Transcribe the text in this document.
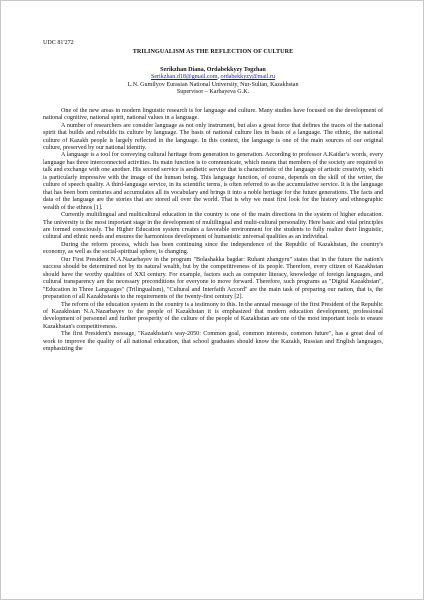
UDC 81'272

TRILINGUALISM AS THE REFLECTION OF CULTURE

Serikzhan Diana, Ordabekkyzy Togzhan

Serikzhan.d18@gmail.com, ordabekkyzy@mail.ru

L.N. Gumilyov Eurasian National University, Nur-Sultan, Kazakhstan

Supervisor – Karbayeva G.K.

One of the new areas in modern linguistic research is for language and culture. Many studies have focused on the development of national cognitive, national spirit, national values in a language.

A number of researchers are consider language as not only instrument, but also a great force that defines the traces of the national spirit that builds and rebuilds its culture by language. The basis of national culture lies in basis of a language. The ethnic, the national culture of Kazakh people is largely reflected in the language. In this context, the language is one of the main sources of our original culture, preserved by our national identity.

A language is a tool for conveying cultural heritage from generation to generation. According to professor A.Kaidar’s words, every language has three interconnected activities. Its main function is to communicate, which means that members of the society are required to talk and exchange with one another. His second service is aesthetic service that is characteristic of the language of artistic creativity, which is particularly impressive with the image of the human being. This language function, of course, depends on the skill of the writer, the culture of speech quality. A third-language service, in its scientific terms, is often referred to as the accumulative service. It is the language that has been born centuries and accumulates all its vocabulary and brings it into a noble heritage for the future generations. The facts and data of the language are the stories that are stored all over the world. That is why we must first look for the history and ethnographic wealth of the ethnos [1].

Currently multilingual and multicultural education in the country is one of the main directions in the system of higher education. The university is the most important stage in the development of multilingual and multi-cultural personality. Here basic and vital principles are formed consciously. The Higher Education system creates a favorable environment for the students to fully realize their linguistic, cultural and ethnic needs and ensures the harmonious development of humanistic universal qualities as an individual.

During the reform process, which has been continuing since the independence of the Republic of Kazakhstan, the country's economy, as well as the social-spiritual sphere, is changing.

Our First President N.A.Nazarbayev in the program "Bolashakka bagdar: Ruhani zhangyru" states that in the future the nation's success should be determined not by its natural wealth, but by the competitiveness of its people. Therefore, every citizen of Kazakhstan should have the worthy qualities of XXI century. For example, factors such as computer literacy, knowledge of foreign languages, and cultural transparency are the necessary preconditions for everyone to move forward. Therefore, such programs as "Digital Kazakhstan", "Education in Three Languages" (Trilingualism), "Cultural and Interfaith Accord" are the main task of preparing our nation, that is, the preparation of all Kazakhstanis to the requirements of the twenty-first century [2].

The reform of the education system in the country is a testimony to this. In the annual message of the first President of the Republic of Kazakhstan N.A.Nazarbayev to the people of Kazakhstan it is emphasized that modern education development, professional development of personnel and further prosperity of the culture of the people of Kazakhstan are one of the most important tools to ensure Kazakhstan's competitiveness.

The first President's message, "Kazakhstan's way-2050: Common goal, common interests, common future", has a great deal of work to improve the quality of all national education, that school graduates should know the Kazakh, Russian and English languages, emphasizing the
